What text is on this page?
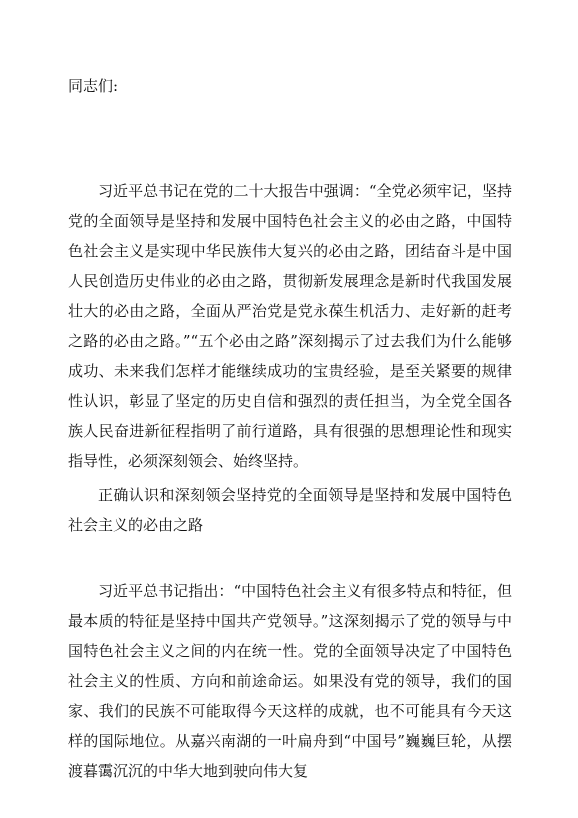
同志们:

习近平总书记在党的二十大报告中强调：“全党必须牢记，坚持党的全面领导是坚持和发展中国特色社会主义的必由之路，中国特色社会主义是实现中华民族伟大复兴的必由之路，团结奋斗是中国人民创造历史伟业的必由之路，贯彻新发展理念是新时代我国发展壮大的必由之路，全面从严治党是党永葆生机活力、走好新的赶考之路的必由之路。”“五个必由之路”深刻揭示了过去我们为什么能够成功、未来我们怎样才能继续成功的宝贵经验，是至关紧要的规律性认识，彰显了坚定的历史自信和强烈的责任担当，为全党全国各族人民奋进新征程指明了前行道路，具有很强的思想理论性和现实指导性，必须深刻领会、始终坚持。

正确认识和深刻领会坚持党的全面领导是坚持和发展中国特色社会主义的必由之路

习近平总书记指出：“中国特色社会主义有很多特点和特征，但最本质的特征是坚持中国共产党领导。”这深刻揭示了党的领导与中国特色社会主义之间的内在统一性。党的全面领导决定了中国特色社会主义的性质、方向和前途命运。如果没有党的领导，我们的国家、我们的民族不可能取得今天这样的成就，也不可能具有今天这样的国际地位。从嘉兴南湖的一叶扁舟到“中国号”巍巍巨轮，从摆渡暮霭沉沉的中华大地到驶向伟大复
